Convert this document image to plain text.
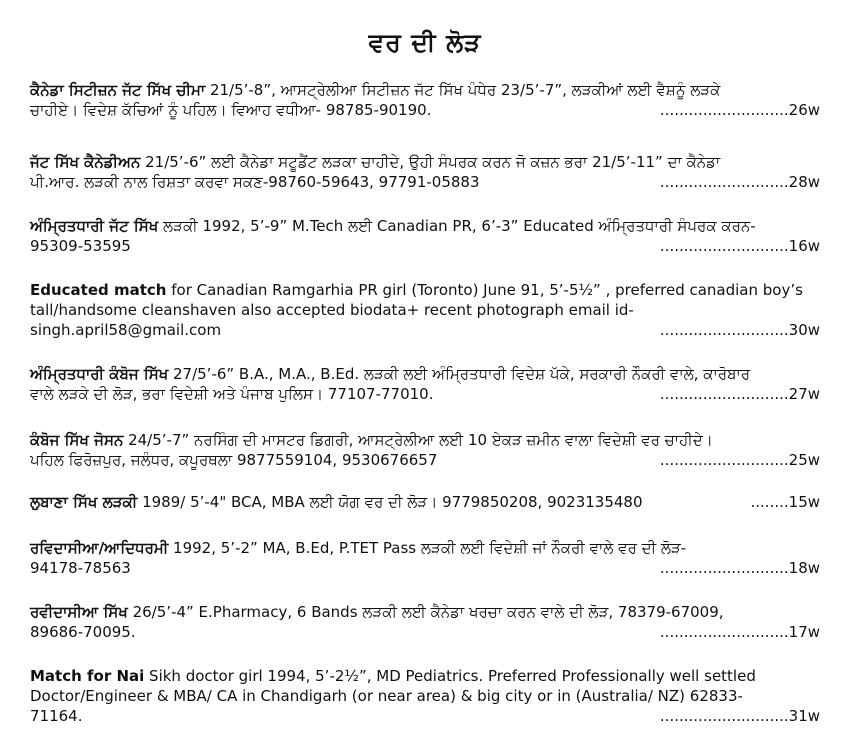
ਵਰ ਦੀ ਲੋੜ

ਕੈਨੇਡਾ ਸਿਟੀਜ਼ਨ ਜੱਟ ਸਿੱਖ ਚੀਮਾ 21/5’-8”, ਆਸਟ੍ਰੇਲੀਆ ਸਿਟੀਜ਼ਨ ਜੱਟ ਸਿੱਖ ਪੰਧੇਰ 23/5’-7”, ਲੜਕੀਆਂ ਲਈ ਵੈਸ਼ਨੂੰ ਲੜਕੇ

ਚਾਹੀਏ। ਵਿਦੇਸ਼ ਕੱਚਿਆਂ ਨੂੰ ਪਹਿਲ। ਵਿਆਹ ਵਧੀਆ- 98785-90190.	...........................26w

ਜੱਟ ਸਿੱਖ ਕੈਨੇਡੀਅਨ 21/5’-6” ਲਈ ਕੈਨੇਡਾ ਸਟੂਡੈਂਟ ਲੜਕਾ ਚਾਹੀਦੇ, ਉਹੀ ਸੰਪਰਕ ਕਰਨ ਜੋ ਕਜ਼ਨ ਭਰਾ 21/5’-11” ਦਾ ਕੈਨੇਡਾ

ਪੀ.ਆਰ. ਲੜਕੀ ਨਾਲ ਰਿਸ਼ਤਾ ਕਰਵਾ ਸਕਣ-98760-59643, 97791-05883	...........................28w

ਅੰਮ੍ਰਿਤਧਾਰੀ ਜੱਟ ਸਿੱਖ ਲੜਕੀ 1992, 5’-9” M.Tech ਲਈ Canadian PR, 6’-3” Educated ਅੰਮ੍ਰਿਤਧਾਰੀ ਸੰਪਰਕ ਕਰਨ-

95309-53595	...........................16w

Educated match for Canadian Ramgarhia PR girl (Toronto) June 91, 5’-5½” , preferred canadian boy’s tall/handsome cleanshaven also accepted biodata+ recent photograph email id-

singh.april58@gmail.com	...........................30w

ਅੰਮ੍ਰਿਤਧਾਰੀ ਕੰਬੋਜ ਸਿੱਖ 27/5’-6” B.A., M.A., B.Ed. ਲੜਕੀ ਲਈ ਅੰਮ੍ਰਿਤਧਾਰੀ ਵਿਦੇਸ਼ ਪੱਕੇ, ਸਰਕਾਰੀ ਨੌਕਰੀ ਵਾਲੇ, ਕਾਰੋਬਾਰ

ਵਾਲੇ ਲੜਕੇ ਦੀ ਲੋੜ, ਭਰਾ ਵਿਦੇਸ਼ੀ ਅਤੇ ਪੰਜਾਬ ਪੁਲਿਸ। 77107-77010.	...........................27w

ਕੰਬੋਜ ਸਿੱਖ ਜੋਸਨ 24/5’-7” ਨਰਸਿੰਗ ਦੀ ਮਾਸਟਰ ਡਿਗਰੀ, ਆਸਟ੍ਰੇਲੀਆ ਲਈ 10 ਏਕੜ ਜ਼ਮੀਨ ਵਾਲਾ ਵਿਦੇਸ਼ੀ ਵਰ ਚਾਹੀਦੇ।

ਪਹਿਲ ਫਿਰੋਜ਼ਪੁਰ, ਜਲੰਧਰ, ਕਪੂਰਥਲਾ 9877559104, 9530676657	...........................25w
ਲੁਬਾਣਾ ਸਿੱਖ ਲੜਕੀ 1989/ 5’-4" BCA, MBA ਲਈ ਯੋਗ ਵਰ ਦੀ ਲੋੜ। 9779850208, 9023135480	........15w

ਰਵਿਦਾਸੀਆ/ਆਦਿਧਰਮੀ 1992, 5’-2” MA, B.Ed, P.TET Pass ਲੜਕੀ ਲਈ ਵਿਦੇਸ਼ੀ ਜਾਂ ਨੌਕਰੀ ਵਾਲੇ ਵਰ ਦੀ ਲੋੜ-

94178-78563	...........................18w

ਰਵੀਦਾਸੀਆ ਸਿੱਖ 26/5’-4” E.Pharmacy, 6 Bands ਲੜਕੀ ਲਈ ਕੈਨੇਡਾ ਖਰਚਾ ਕਰਨ ਵਾਲੇ ਦੀ ਲੋੜ, 78379-67009,

89686-70095.	...........................17w

Match for Nai Sikh doctor girl 1994, 5’-2½”, MD Pediatrics. Preferred Professionally well settled Doctor/Engineer & MBA/ CA in Chandigarh (or near area) & big city or in (Australia/ NZ) 62833-

71164.	...........................31w
